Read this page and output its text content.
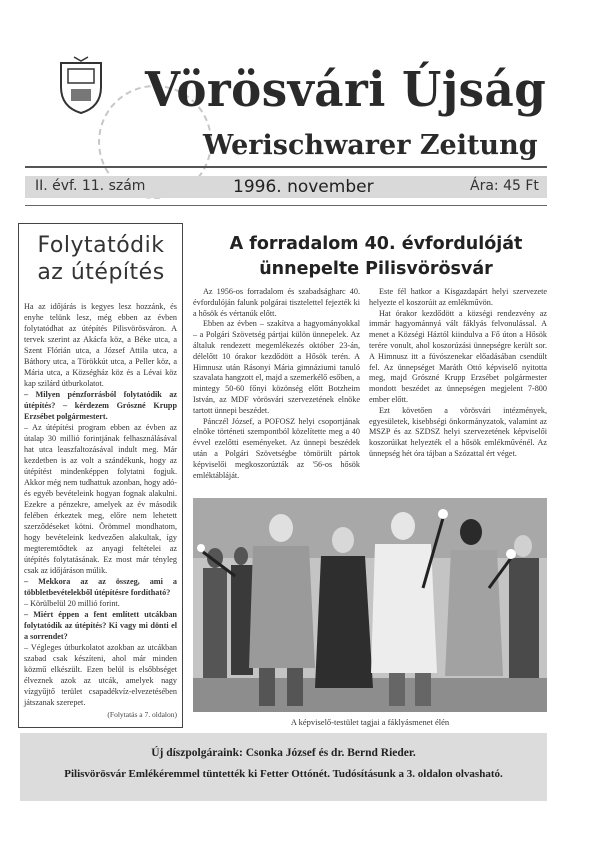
Vörösvári Újság
Werischwarer Zeitung
II. évf. 11. szám	1996. november	Ára: 45 Ft
Folytatódik az útépítés

Ha az időjárás is kegyes lesz hozzánk, és enyhe telünk lesz, még ebben az évben folytatódhat az útépítés Pilisvörösváron. A tervek szerint az Akácfa köz, a Béke utca, a Szent Flórián utca, a József Attila utca, a Báthory utca, a Törökkút utca, a Peller köz, a Mária utca, a Községház köz és a Lévai köz kap szilárd útburkolatot.

– Milyen pénzforrásból folytatódik az útépítés? – kérdezem Grószné Krupp Erzsébet polgármestert.

– Az útépítési program ebben az évben az útalap 30 millió forintjának felhasználásával hat utca leaszfaltozásával indult meg. Már kezdetben is az volt a szándékunk, hogy az útépítést mindenképpen folytatni fogjuk. Akkor még nem tudhattuk azonban, hogy adó- és egyéb bevételeink hogyan fognak alakulni. Ezekre a pénzekre, amelyek az év második felében érkeztek meg, előre nem lehetett szerződéseket kötni. Örömmel mondhatom, hogy bevételeink kedvezően alakultak, így megteremtődtek az anyagi feltételei az útépítés folytatásának. Ez most már tényleg csak az időjáráson múlik.

– Mekkora az az összeg, ami a többletbevételekből útépítésre fordítható?

– Körülbelül 20 millió forint.

– Miért éppen a fent említett utcákban folytatódik az útépítés? Ki vagy mi dönti el a sorrendet?

– Végleges útburkolatot azokban az utcákban szabad csak készíteni, ahol már minden közmű elkészült. Ezen belül is elsőbbséget élveznek azok az utcák, amelyek nagy vízgyűjtő terület csapadékvíz-elvezetésében játszanak szerepet.

(Folytatás a 7. oldalon)
A forradalom 40. évfordulóját
ünnepelte Pilisvörösvár

Az 1956-os forradalom és szabadságharc 40. évfordulóján falunk polgárai tisztelettel fejezték ki a hősök és vértanúk előtt.

Ebben az évben – szakítva a hagyományokkal – a Polgári Szövetség pártjai külön ünnepelek. Az általuk rendezett megemlékezés október 23-án, délelőtt 10 órakor kezdődött a Hősök terén. A Himnusz után Rásonyi Mária gimnáziumi tanuló szavalata hangzott el, majd a szemerkélő esőben, a mintegy 50-60 főnyi közönség előtt Botzheim István, az MDF vörösvári szervezetének elnöke tartott ünnepi beszédet.

Pánczél József, a POFOSZ helyi csoportjának elnöke történeti szempontból közelítette meg a 40 évvel ezelőtti eseményeket. Az ünnepi beszédek után a Polgári Szövetségbe tömörült pártok képviselői megkoszorúzták az '56-os hősök emléktábláját.

Este fél hatkor a Kisgazdapárt helyi szervezete helyezte el koszorúit az emlékművön.

Hat órakor kezdődött a községi rendezvény az immár hagyománnyá vált fáklyás felvonulással. A menet a Községi Háztól kiindulva a Fő úton a Hősök terére vonult, ahol koszorúzási ünnepségre került sor. A Himnusz itt a fúvószenekar előadásában csendült fel. Az ünnepséget Maráth Ottó képviselő nyitotta meg, majd Grószné Krupp Erzsébet polgármester mondott beszédet az ünnepségen megjelent 7-800 ember előtt.

Ezt követően a vörösvári intézmények, egyesületek, kisebbségi önkormányzatok, valamint az MSZP és az SZDSZ helyi szervezetének képviselői koszorúikat helyezték el a hősök emlékművénél. Az ünnepség hét óra tájban a Szózattal ért véget.

A képviselő-testület tagjai a fáklyásmenet élén
Új díszpolgáraink: Csonka József és dr. Bernd Rieder.
Pilisvörösvár Emlékéremmel tüntették ki Fetter Ottónét. Tudósításunk a 3. oldalon olvasható.
